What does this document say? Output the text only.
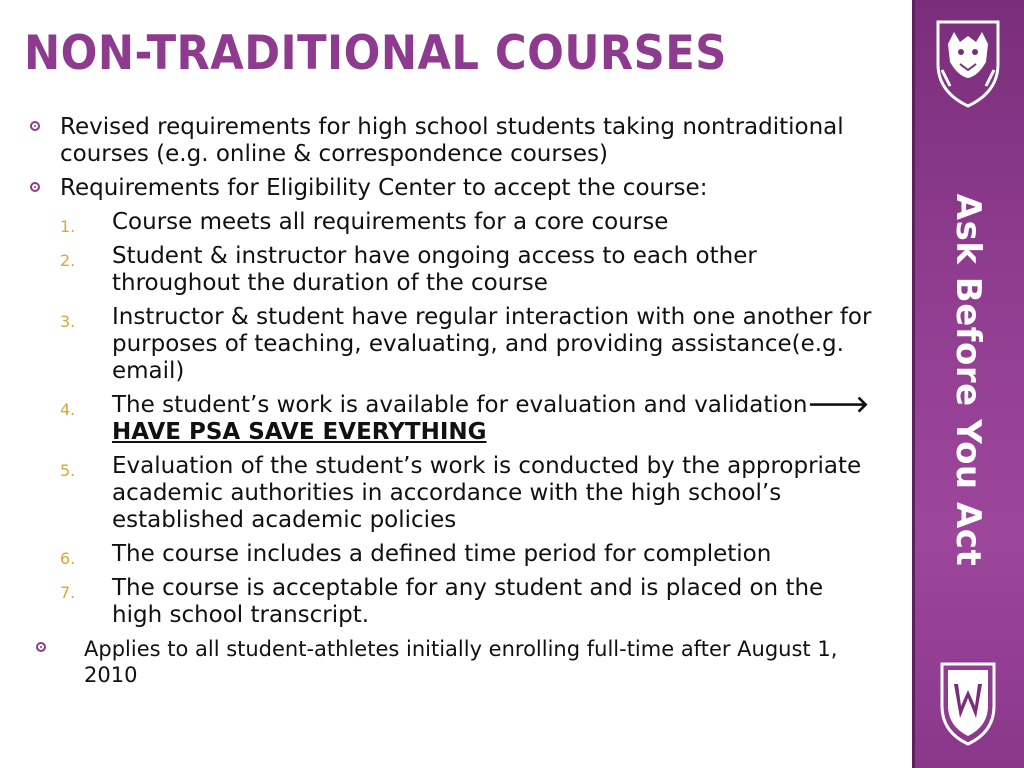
NON-TRADITIONAL COURSES
Revised requirements for high school students taking nontraditional courses (e.g. online & correspondence courses)
Requirements for Eligibility Center to accept the course:
1. Course meets all requirements for a core course
2. Student & instructor have ongoing access to each other throughout the duration of the course
3. Instructor & student have regular interaction with one another for purposes of teaching, evaluating, and providing assistance(e.g. email)
4. The student’s work is available for evaluation and validation🡒 HAVE PSA SAVE EVERYTHING
5. Evaluation of the student’s work is conducted by the appropriate academic authorities in accordance with the high school’s established academic policies
6. The course includes a defined time period for completion
7. The course is acceptable for any student and is placed on the high school transcript.
Applies to all student-athletes initially enrolling full-time after August 1, 2010
Ask Before You Act
